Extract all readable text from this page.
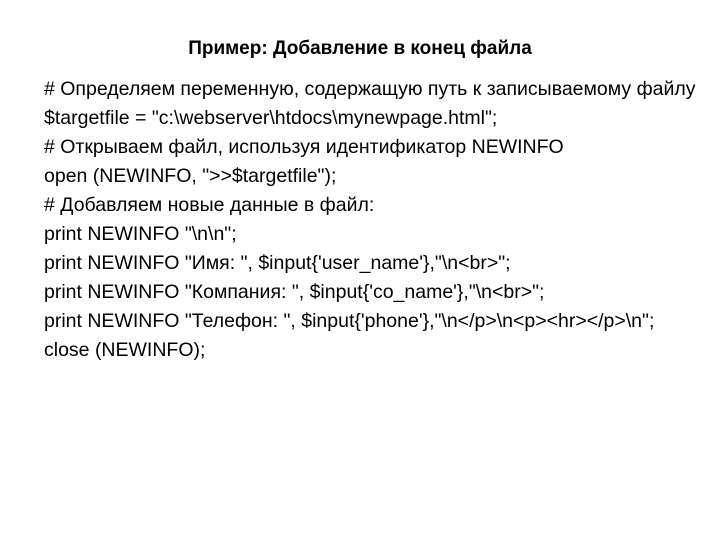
Пример: Добавление в конец файла
# Определяем переменную, содержащую путь к записываемому файлу
$targetfile = "c:\webserver\htdocs\mynewpage.html";
# Открываем файл, используя идентификатор NEWINFO
open (NEWINFO, ">>$targetfile");
# Добавляем новые данные в файл:
print NEWINFO "\n\n";
print NEWINFO "Имя: ", $input{'user_name'},"\n<br>";
print NEWINFO "Компания: ", $input{'co_name'},"\n<br>";
print NEWINFO "Телефон: ", $input{'phone'},"\n</p>\n<p><hr></p>\n";
close (NEWINFO);
